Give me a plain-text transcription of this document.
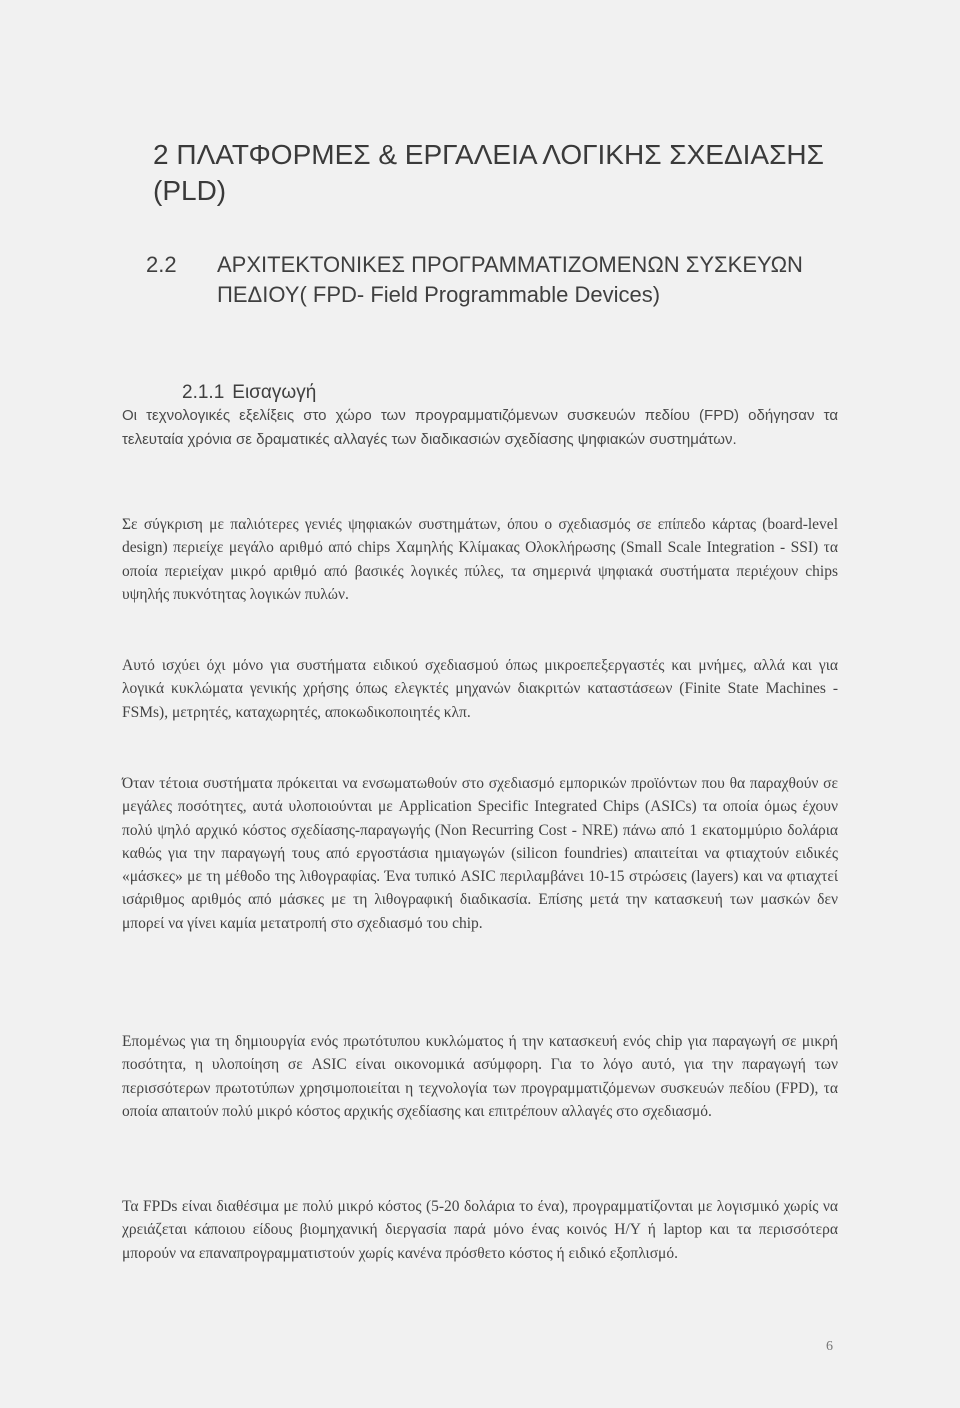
2 ΠΛΑΤΦΟΡΜΕΣ & ΕΡΓΑΛΕΙΑ ΛΟΓΙΚΗΣ ΣΧΕΔΙΑΣΗΣ (PLD)
2.2 ΑΡΧΙΤΕΚΤΟΝΙΚΕΣ ΠΡΟΓΡΑΜΜΑΤΙΖΟΜΕΝΩΝ ΣΥΣΚΕΥΩΝ ΠΕΔΙΟΥ( FPD- Field Programmable Devices)
2.1.1 Εισαγωγή

Οι τεχνολογικές εξελίξεις στο χώρο των προγραμματιζόμενων συσκευών πεδίου (FPD) οδήγησαν τα τελευταία χρόνια σε δραματικές αλλαγές των διαδικασιών σχεδίασης ψηφιακών συστημάτων.

Σε σύγκριση με παλιότερες γενιές ψηφιακών συστημάτων, όπου ο σχεδιασμός σε επίπεδο κάρτας (board-level design) περιείχε μεγάλο αριθμό από chips Χαμηλής Κλίμακας Ολοκλήρωσης (Small Scale Integration - SSI) τα οποία περιείχαν μικρό αριθμό από βασικές λογικές πύλες, τα σημερινά ψηφιακά συστήματα περιέχουν chips υψηλής πυκνότητας λογικών πυλών.

Αυτό ισχύει όχι μόνο για συστήματα ειδικού σχεδιασμού όπως μικροεπεξεργαστές και μνήμες, αλλά και για λογικά κυκλώματα γενικής χρήσης όπως ελεγκτές μηχανών διακριτών καταστάσεων (Finite State Machines - FSMs), μετρητές, καταχωρητές, αποκωδικοποιητές κλπ.

Όταν τέτοια συστήματα πρόκειται να ενσωματωθούν στο σχεδιασμό εμπορικών προϊόντων που θα παραχθούν σε μεγάλες ποσότητες, αυτά υλοποιούνται με Application Specific Integrated Chips (ASICs) τα οποία όμως έχουν πολύ ψηλό αρχικό κόστος σχεδίασης-παραγωγής (Non Recurring Cost - NRE) πάνω από 1 εκατομμύριο δολάρια καθώς για την παραγωγή τους από εργοστάσια ημιαγωγών (silicon foundries) απαιτείται να φτιαχτούν ειδικές «μάσκες» με τη μέθοδο της λιθογραφίας. Ένα τυπικό ASIC περιλαμβάνει 10-15 στρώσεις (layers) και να φτιαχτεί ισάριθμος αριθμός από μάσκες με τη λιθογραφική διαδικασία. Επίσης μετά την κατασκευή των μασκών δεν μπορεί να γίνει καμία μετατροπή στο σχεδιασμό του chip.

Επομένως για τη δημιουργία ενός πρωτότυπου κυκλώματος ή την κατασκευή ενός chip για παραγωγή σε μικρή ποσότητα, η υλοποίηση σε ASIC είναι οικονομικά ασύμφορη. Για το λόγο αυτό, για την παραγωγή των περισσότερων πρωτοτύπων χρησιμοποιείται η τεχνολογία των προγραμματιζόμενων συσκευών πεδίου (FPD), τα οποία απαιτούν πολύ μικρό κόστος αρχικής σχεδίασης και επιτρέπουν αλλαγές στο σχεδιασμό.

Τα FPDs είναι διαθέσιμα με πολύ μικρό κόστος (5-20 δολάρια το ένα), προγραμματίζονται με λογισμικό χωρίς να χρειάζεται κάποιου είδους βιομηχανική διεργασία παρά μόνο ένας κοινός Η/Υ ή laptop και τα περισσότερα μπορούν να επαναπρογραμματιστούν χωρίς κανένα πρόσθετο κόστος ή ειδικό εξοπλισμό.

6
